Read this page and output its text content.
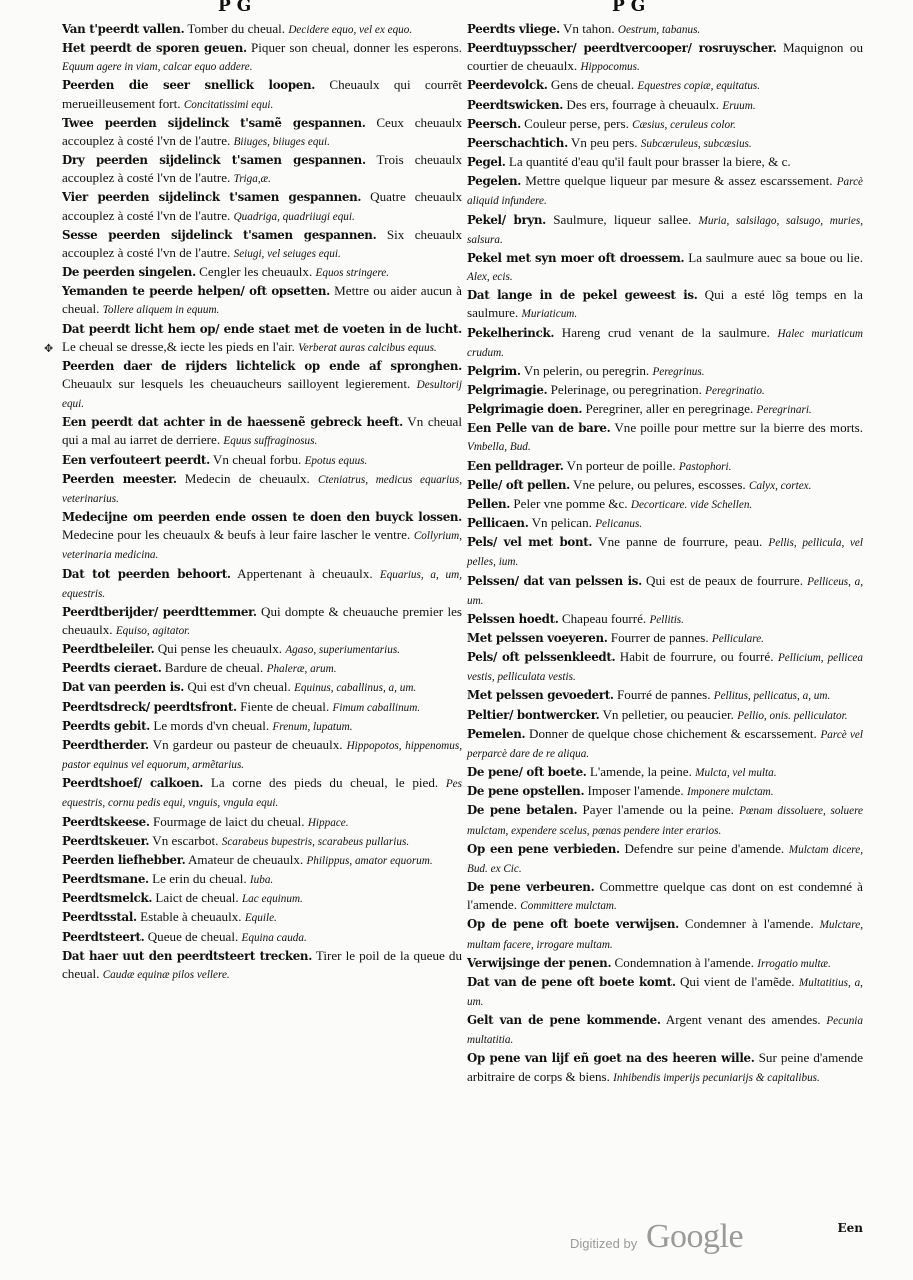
P G	P G
✥
Van t'peerdt vallen. Tomber du cheual. Decidere equo, vel ex equo.
Het peerdt de sporen geuen. Piquer son cheual, donner les esperons. Equum agere in viam, calcar equo addere.
Peerden die seer snellick loopen. Cheuaulx qui courrẽt merueilleusement fort. Concitatissimi equi.
Twee peerden sijdelinck t'samẽ gespannen. Ceux cheuaulx accouplez à costé l'vn de l'autre. Biiuges, biiuges equi.
Dry peerden sijdelinck t'samen gespannen. Trois cheuaulx accouplez à costé l'vn de l'autre. Triga,æ.
Vier peerden sijdelinck t'samen gespannen. Quatre cheuaulx accouplez à costé l'vn de l'autre. Quadriga, quadriiugi equi.
Sesse peerden sijdelinck t'samen gespannen. Six cheuaulx accouplez à costé l'vn de l'autre. Seiugi, vel seiuges equi.
De peerden singelen. Cengler les cheuaulx. Equos stringere.
Yemanden te peerde helpen/ oft opsetten. Mettre ou aider aucun à cheual. Tollere aliquem in equum.
Dat peerdt licht hem op/ ende staet met de voeten in de lucht. Le cheual se dresse,& iecte les pieds en l'air. Verberat auras calcibus equus.
Peerden daer de rijders lichtelick op ende af spronghen. Cheuaulx sur lesquels les cheuaucheurs sailloyent legierement. Desultorij equi.
Een peerdt dat achter in de haessenẽ gebreck heeft. Vn cheual qui a mal au iarret de derriere. Equus suffraginosus.
Een verfouteert peerdt. Vn cheual forbu. Epotus equus.
Peerden meester. Medecin de cheuaulx. Cteniatrus, medicus equarius, veterinarius.
Medecijne om peerden ende ossen te doen den buyck lossen. Medecine pour les cheuaulx & beufs à leur faire lascher le ventre. Collyrium, veterinaria medicina.
Dat tot peerden behoort. Appertenant à cheuaulx. Equarius, a, um, equestris.
Peerdtberijder/ peerdttemmer. Qui dompte & cheuauche premier les cheuaulx. Equiso, agitator.
Peerdtbeleiler. Qui pense les cheuaulx. Agaso, superiumentarius.
Peerdts cieraet. Bardure de cheual. Phaleræ, arum.
Dat van peerden is. Qui est d'vn cheual. Equinus, caballinus, a, um.
Peerdtsdreck/ peerdtsfront. Fiente de cheual. Fimum caballinum.
Peerdts gebit. Le mords d'vn cheual. Frenum, lupatum.
Peerdtherder. Vn gardeur ou pasteur de cheuaulx. Hippopotos, hippenomus, pastor equinus vel equorum, armẽtarius.
Peerdtshoef/ calkoen. La corne des pieds du cheual, le pied. Pes equestris, cornu pedis equi, vnguis, vngula equi.
Peerdtskeese. Fourmage de laict du cheual. Hippace.
Peerdtskeuer. Vn escarbot. Scarabeus bupestris, scarabeus pullarius.
Peerden liefhebber. Amateur de cheuaulx. Philippus, amator equorum.
Peerdtsmane. Le erin du cheual. Iuba.
Peerdtsmelck. Laict de cheual. Lac equinum.
Peerdtsstal. Estable à cheuaulx. Equile.
Peerdtsteert. Queue de cheual. Equina cauda.
Dat haer uut den peerdtsteert trecken. Tirer le poil de la queue du cheual. Caudæ equinæ pilos vellere.
Peerdts vliege. Vn tahon. Oestrum, tabanus.
Peerdtuypsscher/ peerdtvercooper/ rosruyscher. Maquignon ou courtier de cheuaulx. Hippocomus.
Peerdevolck. Gens de cheual. Equestres copiæ, equitatus.
Peerdtswicken. Des ers, fourrage à cheuaulx. Eruum.
Peersch. Couleur perse, pers. Cæsius, ceruleus color.
Peerschachtich. Vn peu pers. Subcæruleus, subcæsius.
Pegel. La quantité d'eau qu'il fault pour brasser la biere, & c.
Pegelen. Mettre quelque liqueur par mesure & assez escarssement. Parcè aliquid infundere.
Pekel/ bryn. Saulmure, liqueur sallee. Muria, salsilago, salsugo, muries, salsura.
Pekel met syn moer oft droessem. La saulmure auec sa boue ou lie. Alex, ecis.
Dat lange in de pekel geweest is. Qui a esté lõg temps en la saulmure. Muriaticum.
Pekelherinck. Hareng crud venant de la saulmure. Halec muriaticum crudum.
Pelgrim. Vn pelerin, ou peregrin. Peregrinus.
Pelgrimagie. Pelerinage, ou peregrination. Peregrinatio.
Pelgrimagie doen. Peregriner, aller en peregrinage. Peregrinari.
Een Pelle van de bare. Vne poille pour mettre sur la bierre des morts. Vmbella, Bud.
Een pelldrager. Vn porteur de poille. Pastophori.
Pelle/ oft pellen. Vne pelure, ou pelures, escosses. Calyx, cortex.
Pellen. Peler vne pomme &c. Decorticare. vide Schellen.
Pellicaen. Vn pelican. Pelicanus.
Pels/ vel met bont. Vne panne de fourrure, peau. Pellis, pellicula, vel pelles, ium.
Pelssen/ dat van pelssen is. Qui est de peaux de fourrure. Pelliceus, a, um.
Pelssen hoedt. Chapeau fourré. Pellitis.
Met pelssen voeyeren. Fourrer de pannes. Pelliculare.
Pels/ oft pelssenkleedt. Habit de fourrure, ou fourré. Pellicium, pellicea vestis, pelliculata vestis.
Met pelssen gevoedert. Fourré de pannes. Pellitus, pellicatus, a, um.
Peltier/ bontwercker. Vn pelletier, ou peaucier. Pellio, onis. pelliculator.
Pemelen. Donner de quelque chose chichement & escarssement. Parcè vel perparcè dare de re aliqua.
De pene/ oft boete. L'amende, la peine. Mulcta, vel multa.
De pene opstellen. Imposer l'amende. Imponere mulctam.
De pene betalen. Payer l'amende ou la peine. Pœnam dissoluere, soluere mulctam, expendere scelus, pœnas pendere inter erarios.
Op een pene verbieden. Defendre sur peine d'amende. Mulctam dicere, Bud. ex Cic.
De pene verbeuren. Commettre quelque cas dont on est condemné à l'amende. Committere mulctam.
Op de pene oft boete verwijsen. Condemner à l'amende. Mulctare, multam facere, irrogare multam.
Verwijsinge der penen. Condemnation à l'amende. Irrogatio multæ.
Dat van de pene oft boete komt. Qui vient de l'amẽde. Multatitius, a, um.
Gelt van de pene kommende. Argent venant des amendes. Pecunia multatitia.
Op pene van lijf eñ goet na des heeren wille. Sur peine d'amende arbitraire de corps & biens. Inhibendis imperijs pecuniarijs & capitalibus.
Digitized by Google	Een
